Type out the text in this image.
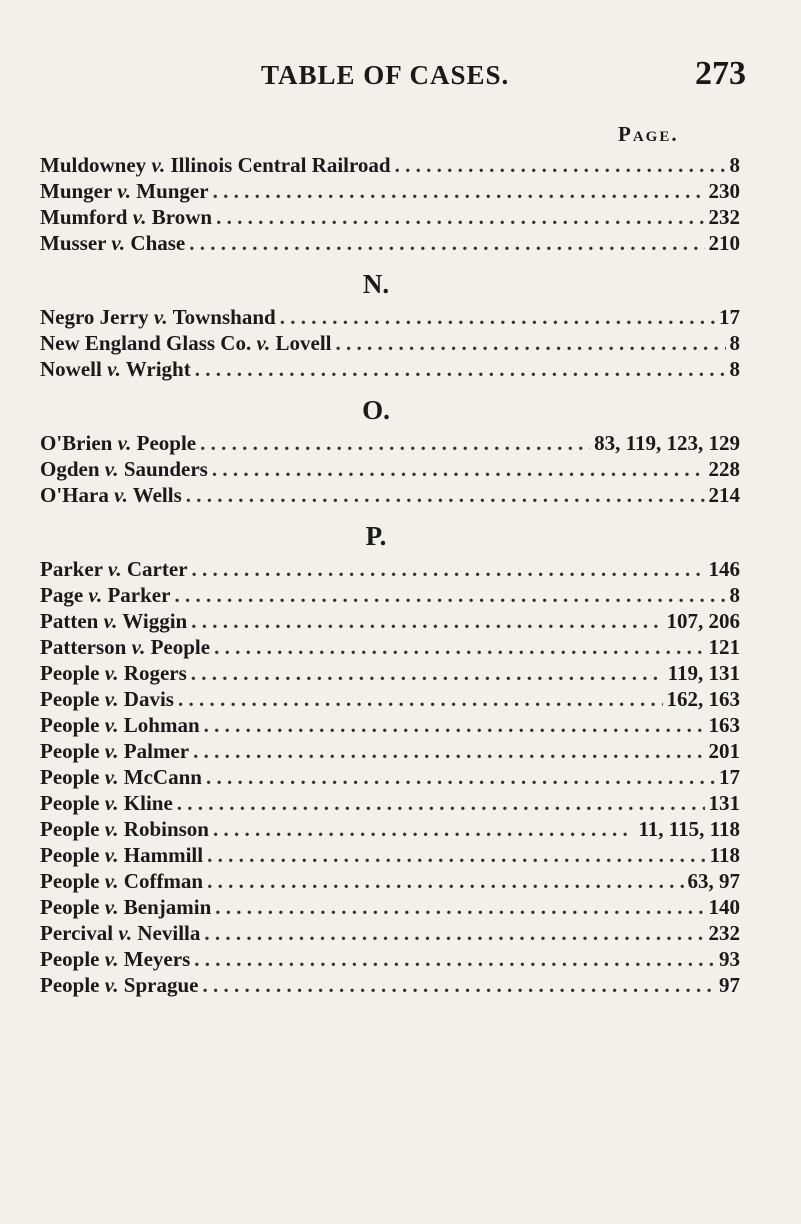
TABLE OF CASES.	273
Page.
Muldowney v. Illinois Central Railroad . . .	8
Munger v. Munger . . .	230
Mumford v. Brown . . .	232
Musser v. Chase . . .	210
N.
Negro Jerry v. Townshand . . .	17
New England Glass Co. v. Lovell . . .	8
Nowell v. Wright . . .	8
O.
O'Brien v. People . . .	83, 119, 123, 129
Ogden v. Saunders . . .	228
O'Hara v. Wells . . .	214
P.
Parker v. Carter . . .	146
Page v. Parker . . .	8
Patten v. Wiggin . . .	107, 206
Patterson v. People . . .	121
People v. Rogers . . .	119, 131
People v. Davis . . .	162, 163
People v. Lohman . . .	163
People v. Palmer . . .	201
People v. McCann . . .	17
People v. Kline . . .	131
People v. Robinson . . .	11, 115, 118
People v. Hammill . . .	118
People v. Coffman . . .	63, 97
People v. Benjamin . . .	140
Percival v. Nevilla . . .	232
People v. Meyers . . .	93
People v. Sprague . . .	97
